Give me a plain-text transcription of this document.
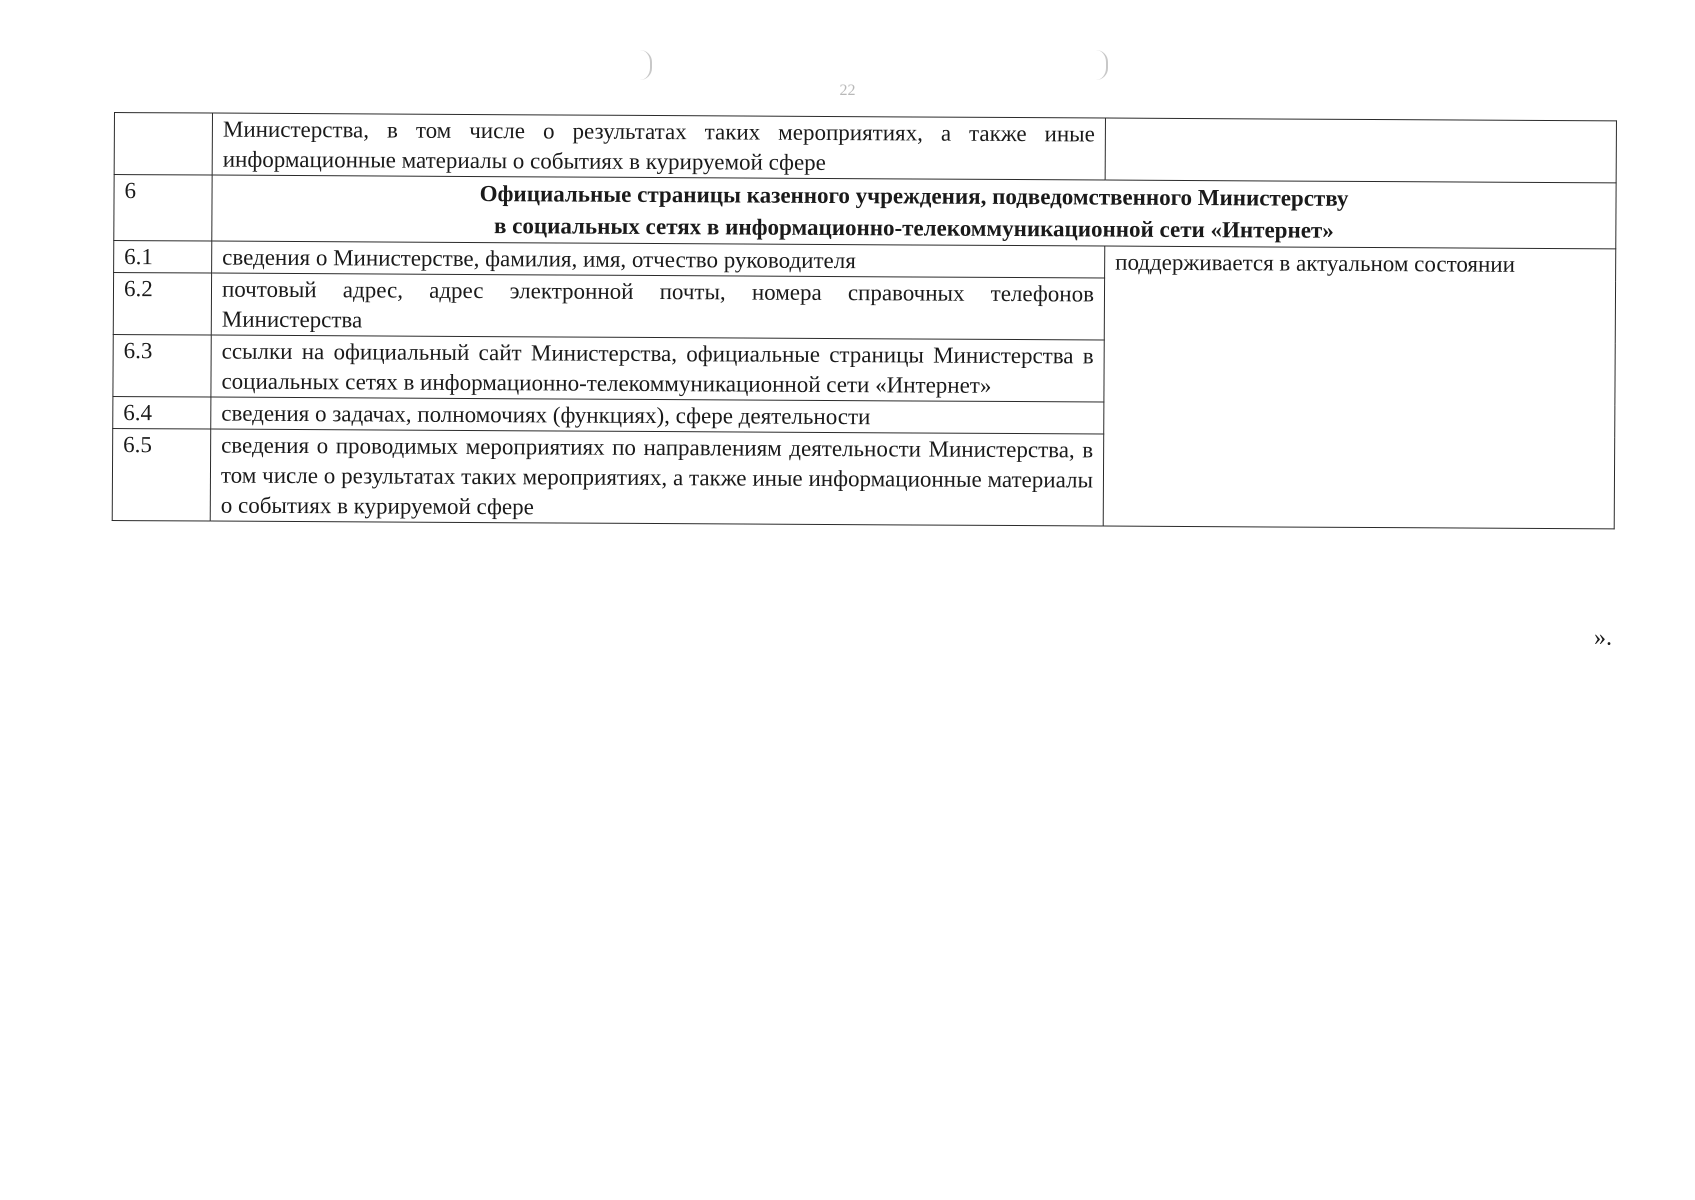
22
	Министерства, в том числе о результатах таких мероприятиях, а также иные информационные материалы о событиях в курируемой сфере	
6	Официальные страницы казенного учреждения, подведомственного Министерству
в социальных сетях в информационно-телекоммуникационной сети «Интернет»	
6.1	сведения о Министерстве, фамилия, имя, отчество руководителя	поддерживается в актуальном состоянии
6.2	почтовый адрес, адрес электронной почты, номера справочных телефонов Министерства	
6.3	ссылки на официальный сайт Министерства, официальные страницы Министерства в социальных сетях в информационно-телекоммуникационной сети «Интернет»	
6.4	сведения о задачах, полномочиях (функциях), сфере деятельности	
6.5	сведения о проводимых мероприятиях по направлениям деятельности Министерства, в том числе о результатах таких мероприятиях, а также иные информационные материалы о событиях в курируемой сфере	
».
